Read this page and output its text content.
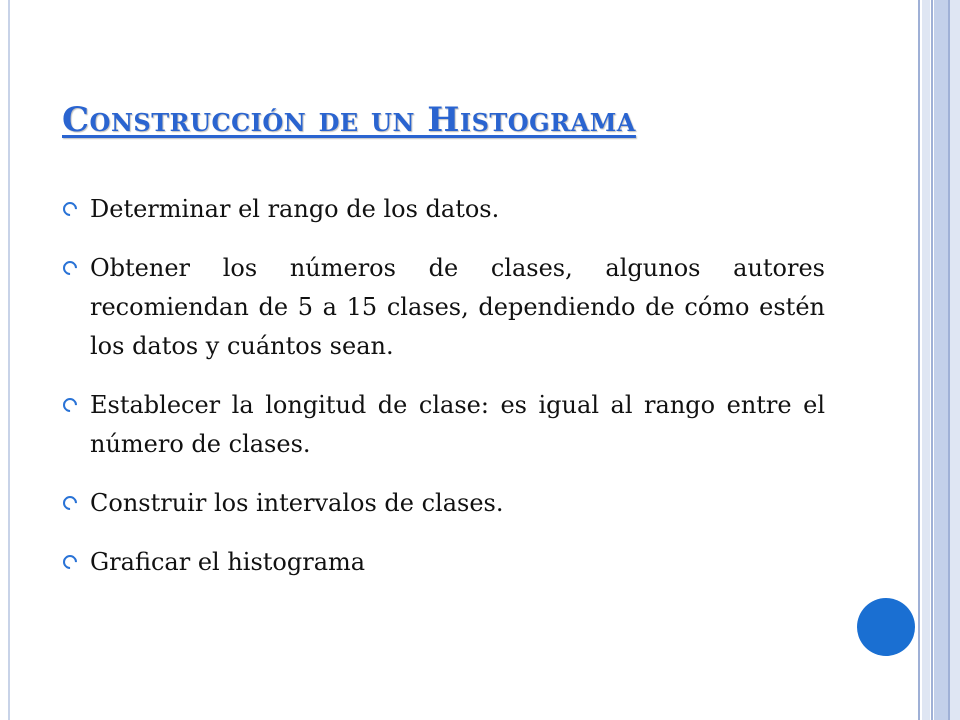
Construcción de un Histograma
Determinar el rango de los datos.
Obtener los números de clases, algunos autores recomiendan de 5 a 15 clases, dependiendo de cómo estén los datos y cuántos sean.
Establecer la longitud de clase: es igual al rango entre el número de clases.
Construir los intervalos de clases.
Graficar el histograma
